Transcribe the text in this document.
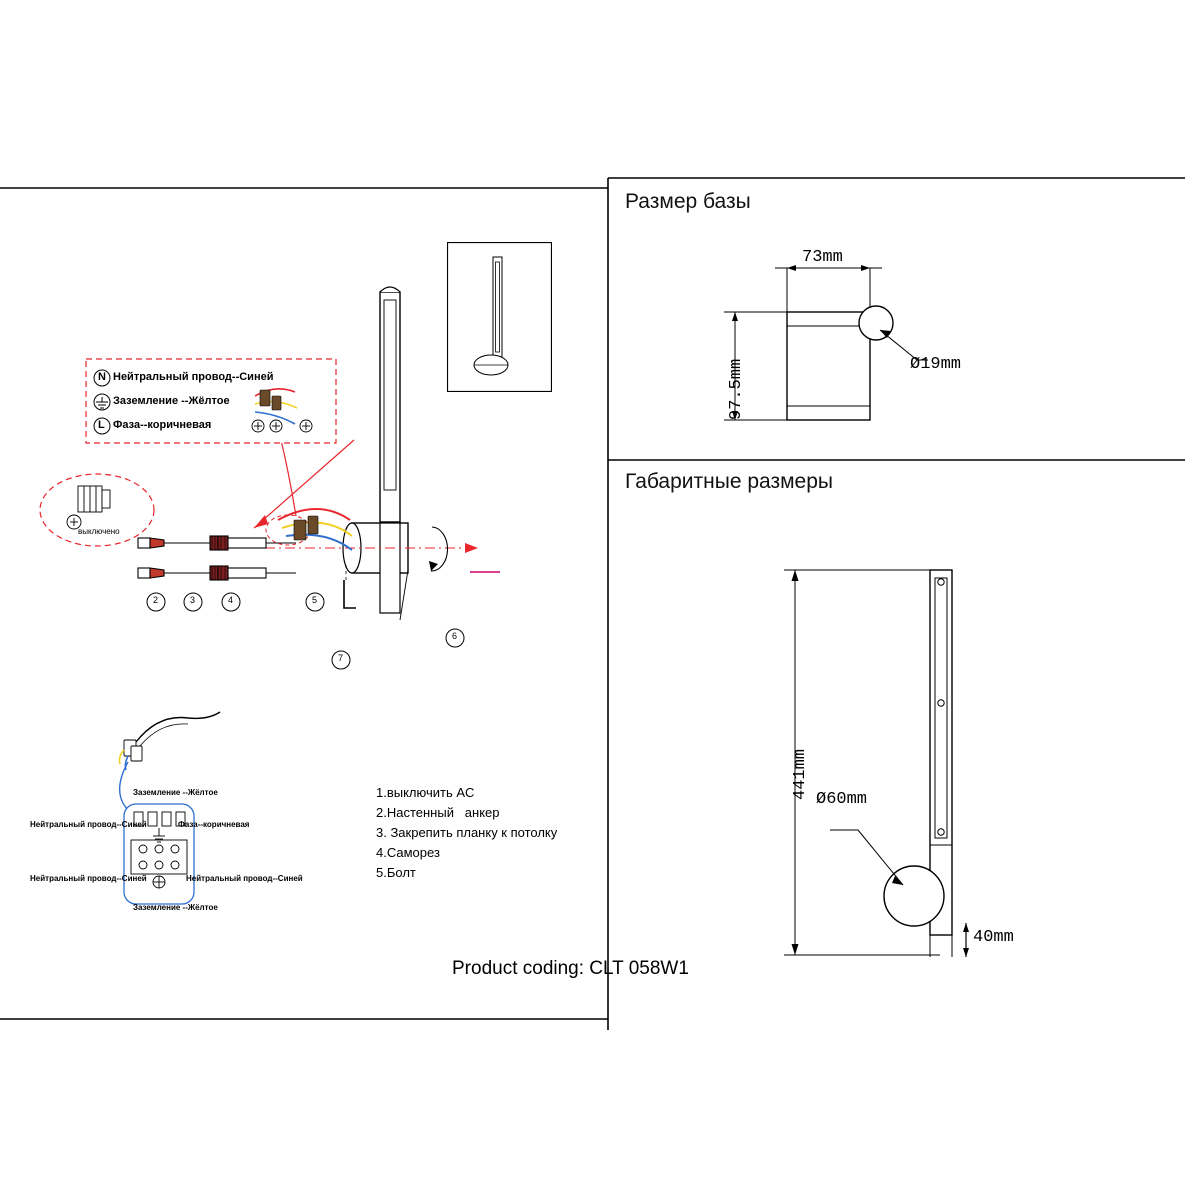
Размер базы
Габаритные размеры
73mm
97.5mm	Ø19mm
441mm Ø60mm
40mm
2	3	4	5
6
7
N Нейтральный провод--Синей
Заземление --Жёлтое
L Фаза--коричневая
выключено
Заземление --Жёлтое
Нейтральный провод--Синей	Фаза--коричневая
Нейтральный провод--Синей	Нейтральный провод--Синей
Заземление --Жёлтое
1.выключить AC
2.Настенный   анкер
3. Закрепить планку к потолку
4.Саморез
5.Болт
Product coding: CLT 058W1
